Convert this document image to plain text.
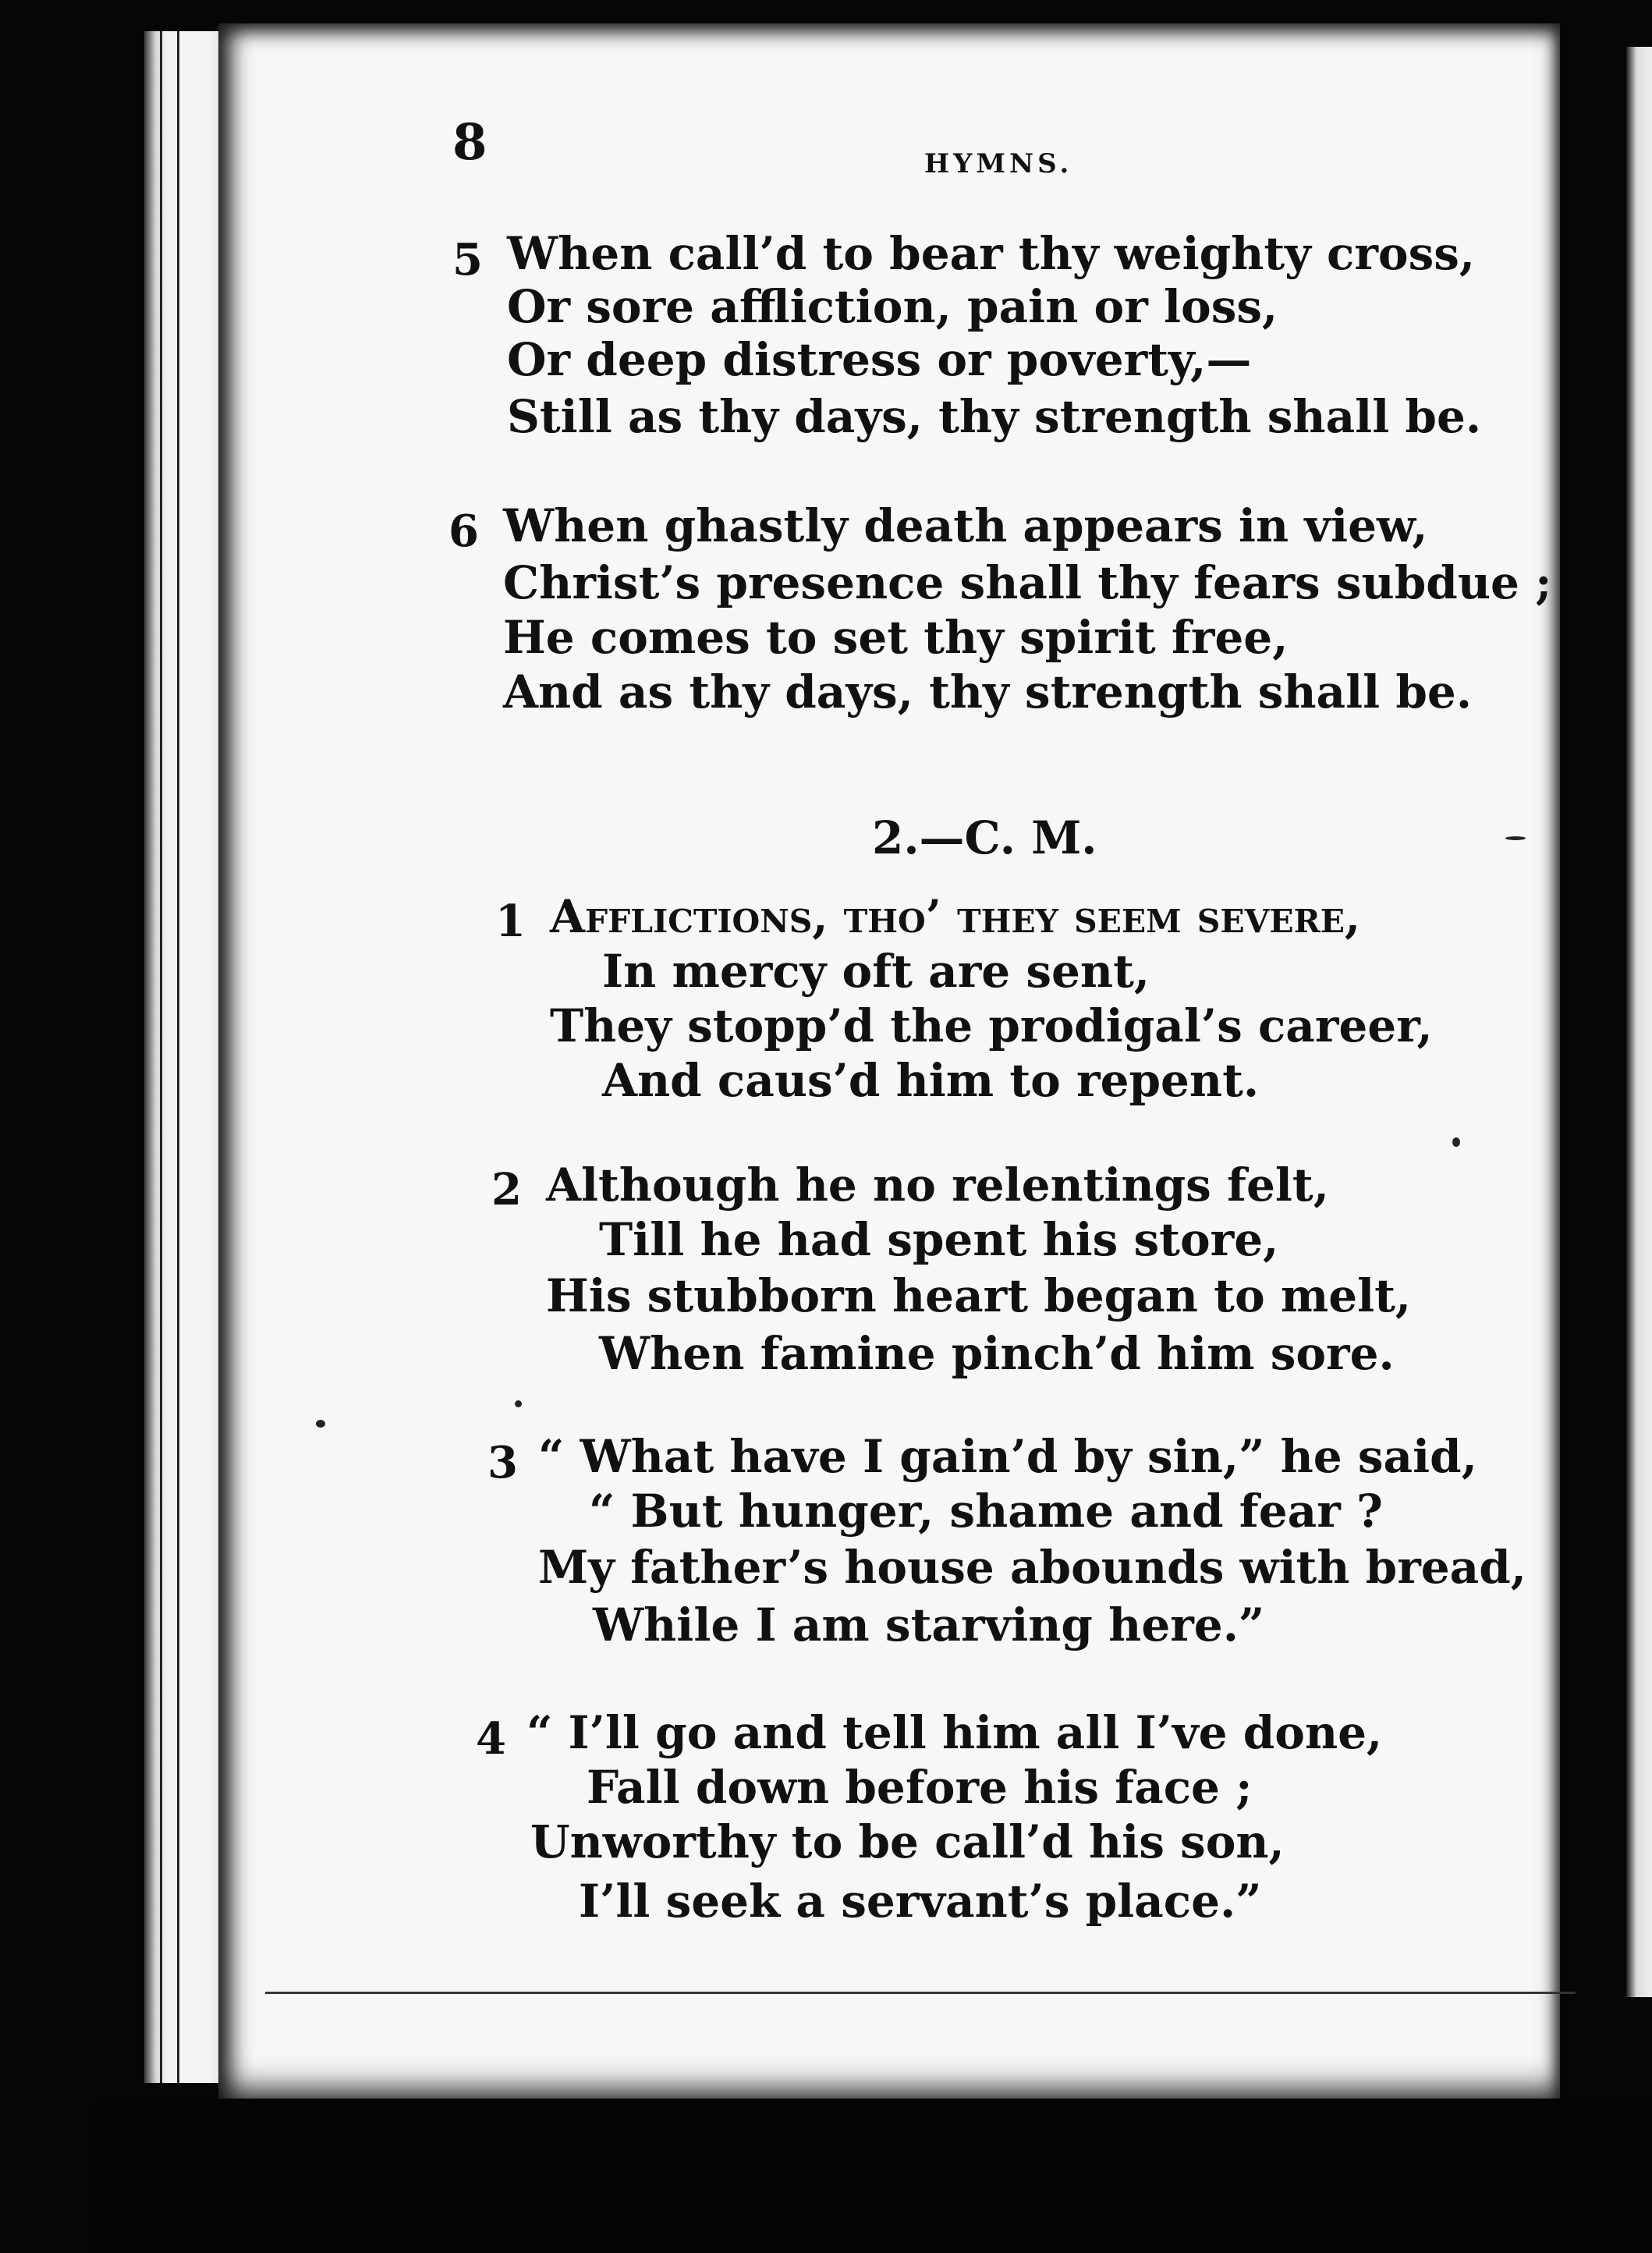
8	HYMNS.
5 When call’d to bear thy weighty cross,
Or sore affliction, pain or loss,
Or deep distress or poverty,—
Still as thy days, thy strength shall be.
6 When ghastly death appears in view,
Christ’s presence shall thy fears subdue ;
He comes to set thy spirit free,
And as thy days, thy strength shall be.
2.—C. M.
1 Afflictions, tho’ they seem severe,
In mercy oft are sent,
They stopp’d the prodigal’s career,
And caus’d him to repent.
2 Although he no relentings felt,
Till he had spent his store,
His stubborn heart began to melt,
When famine pinch’d him sore.
3 “ What have I gain’d by sin,” he said,
“ But hunger, shame and fear ?
My father’s house abounds with bread,
While I am starving here.”
4 “ I’ll go and tell him all I’ve done,
Fall down before his face ;
Unworthy to be call’d his son,
I’ll seek a servant’s place.”
